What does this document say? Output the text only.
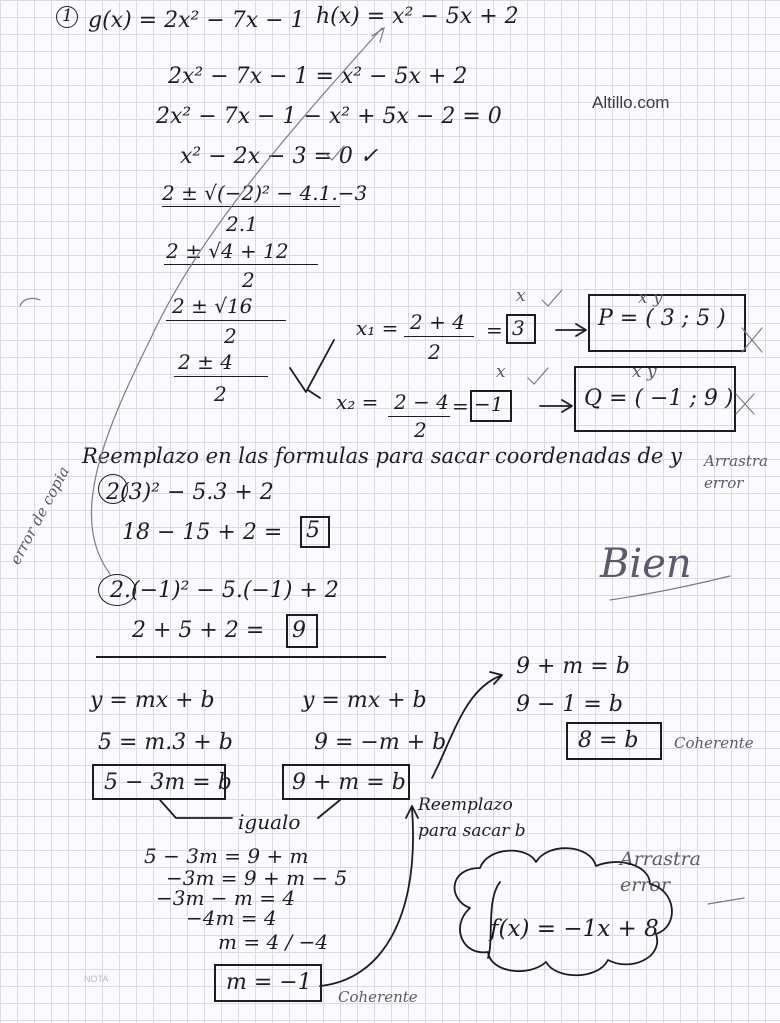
Altillo.com
1 g(x) = 2x² − 7x − 1 h(x) = x² − 5x + 2
2x² − 7x − 1 = x² − 5x + 2
2x² − 7x − 1 − x² + 5x − 2 = 0
x² − 2x − 3 = 0 ✓
2 ± √(−2)² − 4.1.−3
2.1
2 ± √4 + 12
2
2 ± √16
2
2 ± 4
2
x₁ = 2 + 4
2
= 3
x
x₂ = 2 − 4
2
= −1
x
P = ( 3 ; 5 )
x y
Q = ( −1 ; 9 )
x y
Reemplazo en las formulas para sacar coordenadas de y
2(3)² − 5.3 + 2
18 − 15 + 2 = 5
2.(−1)² − 5.(−1) + 2
2 + 5 + 2 = 9
y = mx + b
5 = m.3 + b
5 − 3m = b
y = mx + b
9 = −m + b
9 + m = b
igualo
9 + m = b
9 − 1 = b
8 = b
Reemplazo para sacar b
5 − 3m = 9 + m
−3m = 9 + m − 5
−3m − m = 4
−4m = 4
m = 4 / −4
m = −1
f(x) = −1x + 8
Arrastra error
error de copia	Bien
Coherente
Arrastra error
Coherente
NOTA
